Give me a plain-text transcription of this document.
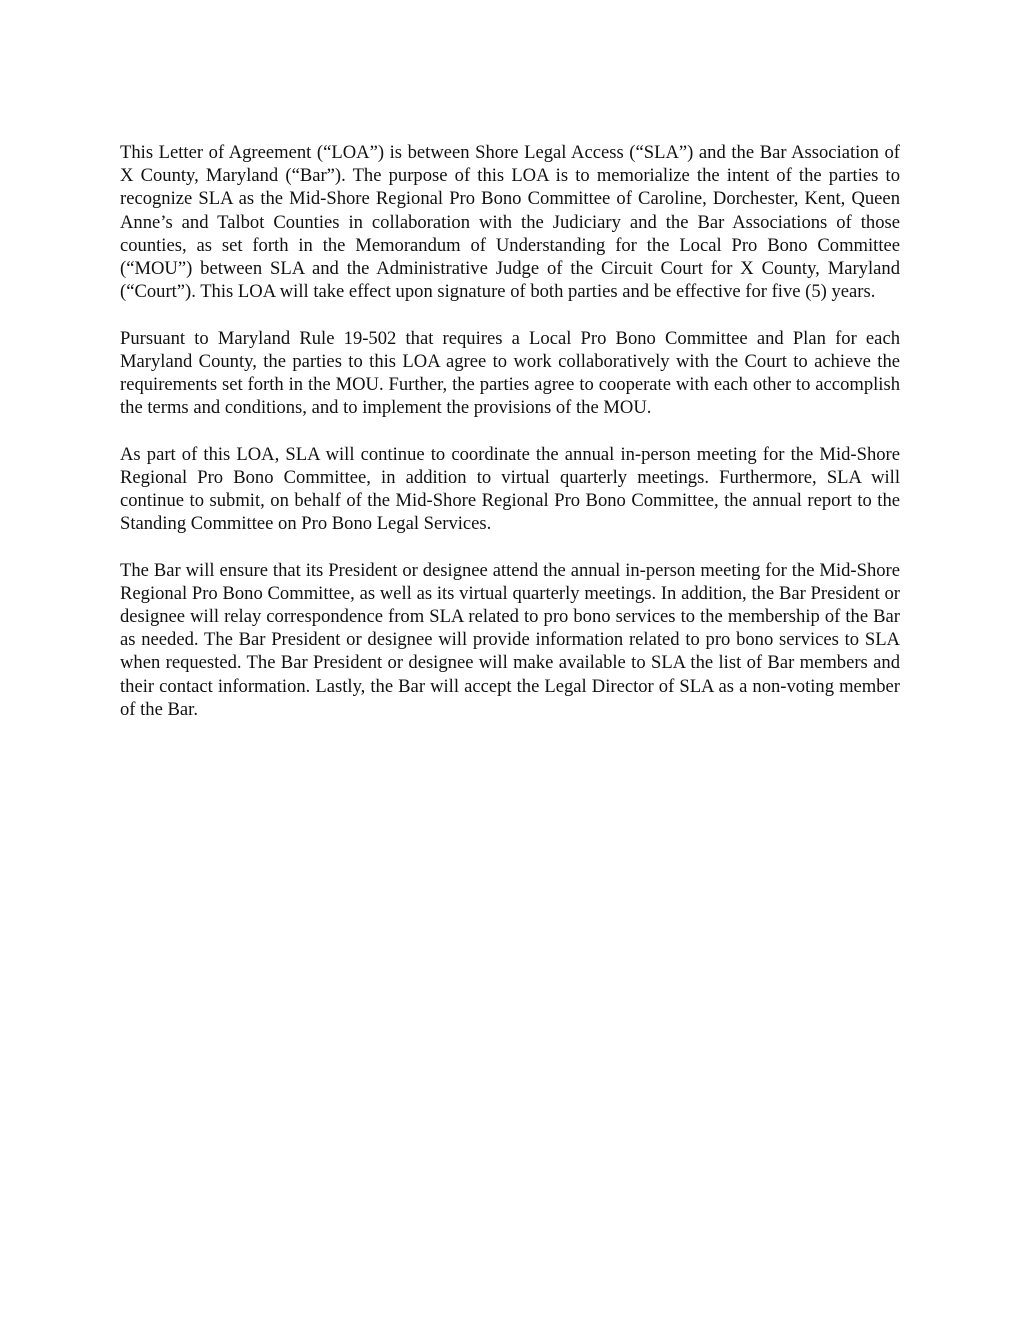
This Letter of Agreement (“LOA”) is between Shore Legal Access (“SLA”) and the Bar Association of X County, Maryland (“Bar”). The purpose of this LOA is to memorialize the intent of the parties to recognize SLA as the Mid-Shore Regional Pro Bono Committee of Caroline, Dorchester, Kent, Queen Anne’s and Talbot Counties in collaboration with the Judiciary and the Bar Associations of those counties, as set forth in the Memorandum of Understanding for the Local Pro Bono Committee (“MOU”) between SLA and the Administrative Judge of the Circuit Court for X County, Maryland (“Court”). This LOA will take effect upon signature of both parties and be effective for five (5) years.

Pursuant to Maryland Rule 19-502 that requires a Local Pro Bono Committee and Plan for each Maryland County, the parties to this LOA agree to work collaboratively with the Court to achieve the requirements set forth in the MOU. Further, the parties agree to cooperate with each other to accomplish the terms and conditions, and to implement the provisions of the MOU.

As part of this LOA, SLA will continue to coordinate the annual in-person meeting for the Mid-Shore Regional Pro Bono Committee, in addition to virtual quarterly meetings. Furthermore, SLA will continue to submit, on behalf of the Mid-Shore Regional Pro Bono Committee, the annual report to the Standing Committee on Pro Bono Legal Services.

The Bar will ensure that its President or designee attend the annual in-person meeting for the Mid-Shore Regional Pro Bono Committee, as well as its virtual quarterly meetings. In addition, the Bar President or designee will relay correspondence from SLA related to pro bono services to the membership of the Bar as needed. The Bar President or designee will provide information related to pro bono services to SLA when requested. The Bar President or designee will make available to SLA the list of Bar members and their contact information. Lastly, the Bar will accept the Legal Director of SLA as a non-voting member of the Bar.
